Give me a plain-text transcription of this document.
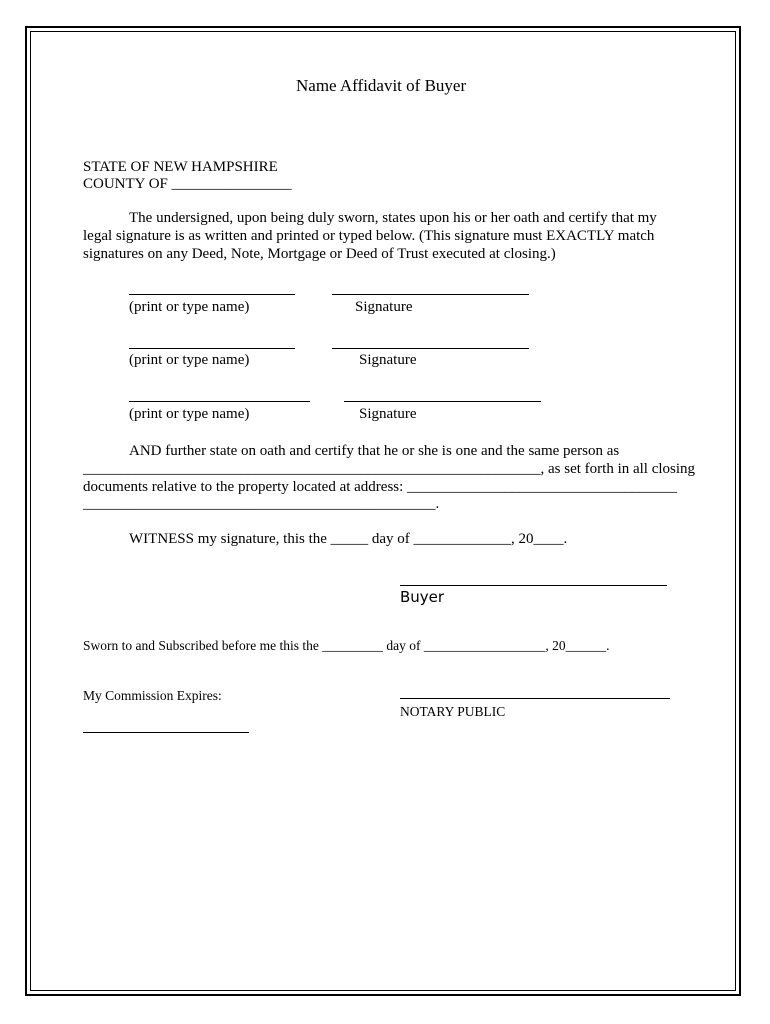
Name Affidavit of Buyer
STATE OF NEW HAMPSHIRE
COUNTY OF ________________
The undersigned, upon being duly sworn, states upon his or her oath and certify that my
legal signature is as written and printed or typed below. (This signature must EXACTLY match
signatures on any Deed, Note, Mortgage or Deed of Trust executed at closing.)
(print or type name)	Signature
(print or type name)	Signature
(print or type name)	Signature
AND further state on oath and certify that he or she is one and the same person as
_____________________________________________________________, as set forth in all closing
documents relative to the property located at address: ____________________________________
_______________________________________________.
WITNESS my signature, this the _____ day of _____________, 20____.
Buyer
Sworn to and Subscribed before me this the _________ day of __________________, 20______.
My Commission Expires:
NOTARY PUBLIC
